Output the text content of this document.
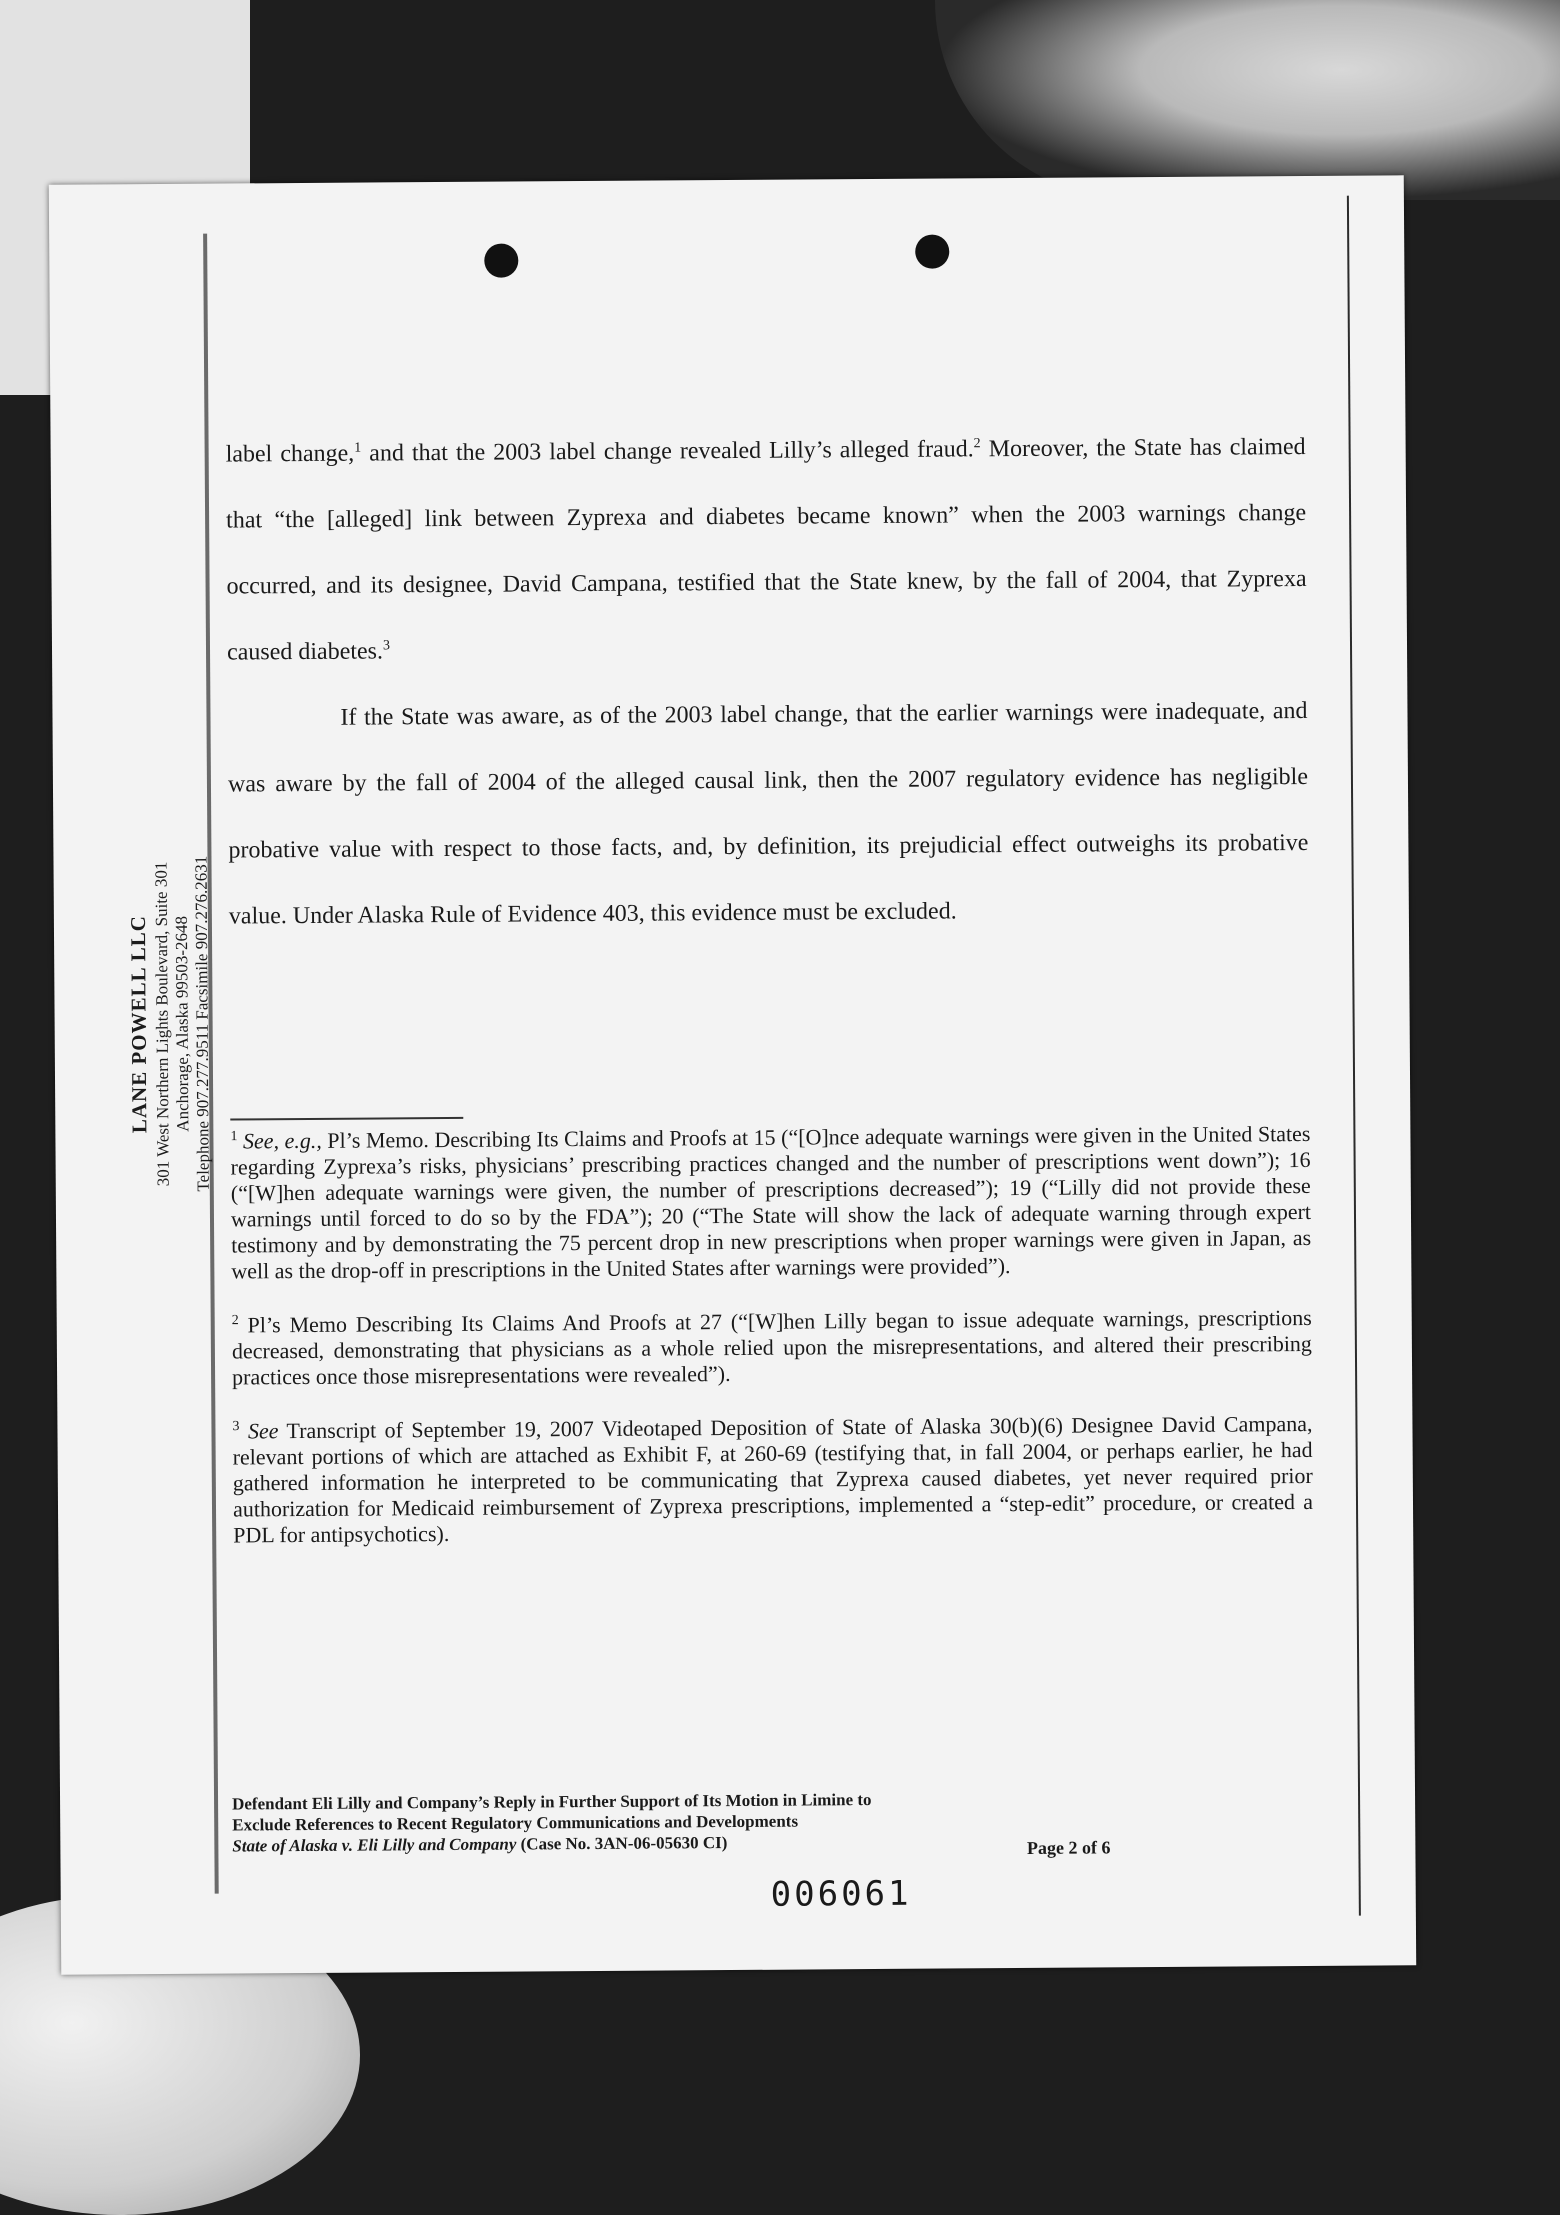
LANE POWELL LLC 301 West Northern Lights Boulevard, Suite 301 Anchorage, Alaska 99503-2648 Telephone 907.277.9511 Facsimile 907.276.2631

label change,$^1$ and that the 2003 label change revealed Lilly’s alleged fraud.$^2$ Moreover, the State has claimed that “the [alleged] link between Zyprexa and diabetes became known” when the 2003 warnings change occurred, and its designee, David Campana, testified that the State knew, by the fall of 2004, that Zyprexa caused diabetes.$^3$

If the State was aware, as of the 2003 label change, that the earlier warnings were inadequate, and was aware by the fall of 2004 of the alleged causal link, then the 2007 regulatory evidence has negligible probative value with respect to those facts, and, by definition, its prejudicial effect outweighs its probative value. Under Alaska Rule of Evidence 403, this evidence must be excluded.

$^1$ See, e.g., Pl’s Memo. Describing Its Claims and Proofs at 15 (“[O]nce adequate warnings were given in the United States regarding Zyprexa’s risks, physicians’ prescribing practices changed and the number of prescriptions went down”); 16 (“[W]hen adequate warnings were given, the number of prescriptions decreased”); 19 (“Lilly did not provide these warnings until forced to do so by the FDA”); 20 (“The State will show the lack of adequate warning through expert testimony and by demonstrating the 75 percent drop in new prescriptions when proper warnings were given in Japan, as well as the drop-off in prescriptions in the United States after warnings were provided”).

$^2$ Pl’s Memo Describing Its Claims And Proofs at 27 (“[W]hen Lilly began to issue adequate warnings, prescriptions decreased, demonstrating that physicians as a whole relied upon the misrepresentations, and altered their prescribing practices once those misrepresentations were revealed”).

$^3$ See Transcript of September 19, 2007 Videotaped Deposition of State of Alaska 30(b)(6) Designee David Campana, relevant portions of which are attached as Exhibit F, at 260-69 (testifying that, in fall 2004, or perhaps earlier, he had gathered information he interpreted to be communicating that Zyprexa caused diabetes, yet never required prior authorization for Medicaid reimbursement of Zyprexa prescriptions, implemented a “step-edit” procedure, or created a PDL for antipsychotics).

Defendant Eli Lilly and Company’s Reply in Further Support of Its Motion in Limine to
Exclude References to Recent Regulatory Communications and Developments
State of Alaska v. Eli Lilly and Company (Case No. 3AN-06-05630 CI)	Page 2 of 6
006061
